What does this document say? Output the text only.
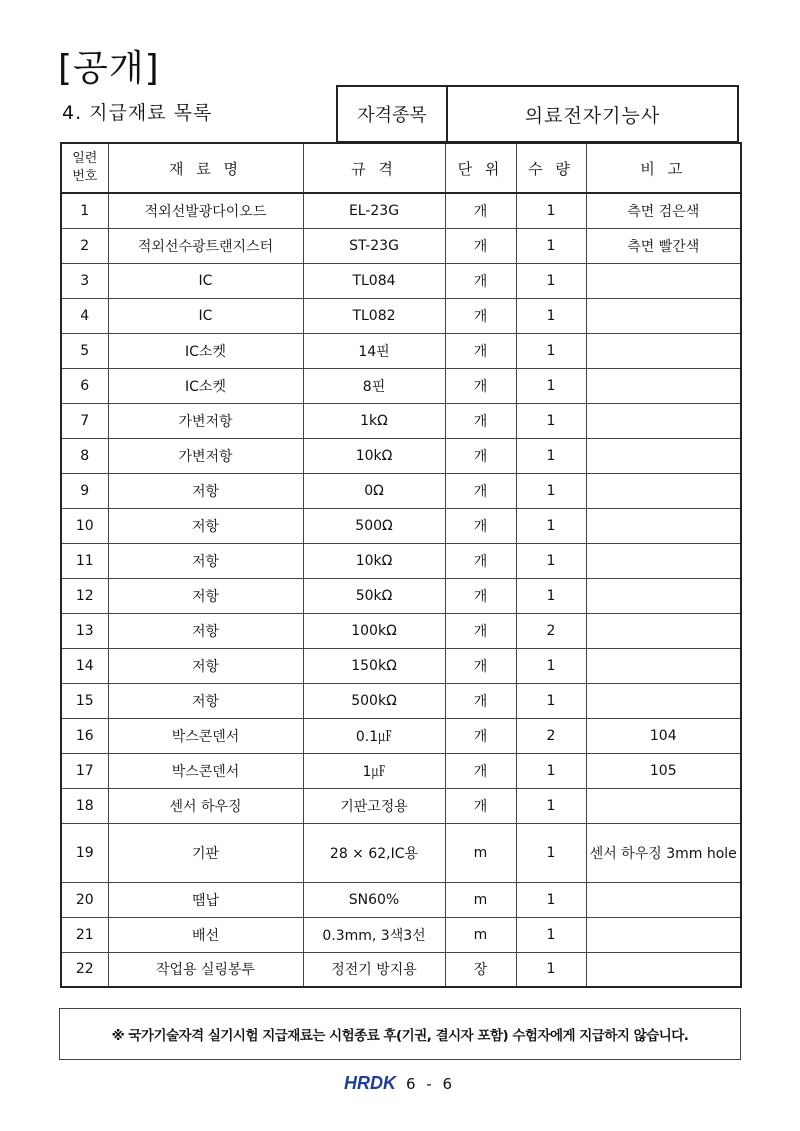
[공개]
4. 지급재료 목록	자격종목	의료전자기능사
일련
번호	재 료 명	규 격	단 위	수 량	비 고
1	적외선발광다이오드	EL-23G	개	1	측면 검은색
2	적외선수광트랜지스터	ST-23G	개	1	측면 빨간색
3	IC	TL084	개	1	
4	IC	TL082	개	1	
5	IC소켓	14핀	개	1	
6	IC소켓	8핀	개	1	
7	가변저항	1kΩ	개	1	
8	가변저항	10kΩ	개	1	
9	저항	0Ω	개	1	
10	저항	500Ω	개	1	
11	저항	10kΩ	개	1	
12	저항	50kΩ	개	1	
13	저항	100kΩ	개	2	
14	저항	150kΩ	개	1	
15	저항	500kΩ	개	1	
16	박스콘덴서	0.1㎌	개	2	104
17	박스콘덴서	1㎌	개	1	105
18	센서 하우징	기판고정용	개	1	
19	기판	28 × 62,IC용	m	1	센서 하우징 3mm hole
20	땜납	SN60%	m	1	
21	배선	0.3mm, 3색3선	m	1	
22	작업용 실링봉투	정전기 방지용	장	1	
※ 국가기술자격 실기시험 지급재료는 시험종료 후(기권, 결시자 포함) 수험자에게 지급하지 않습니다.
HRDK 6 - 6
